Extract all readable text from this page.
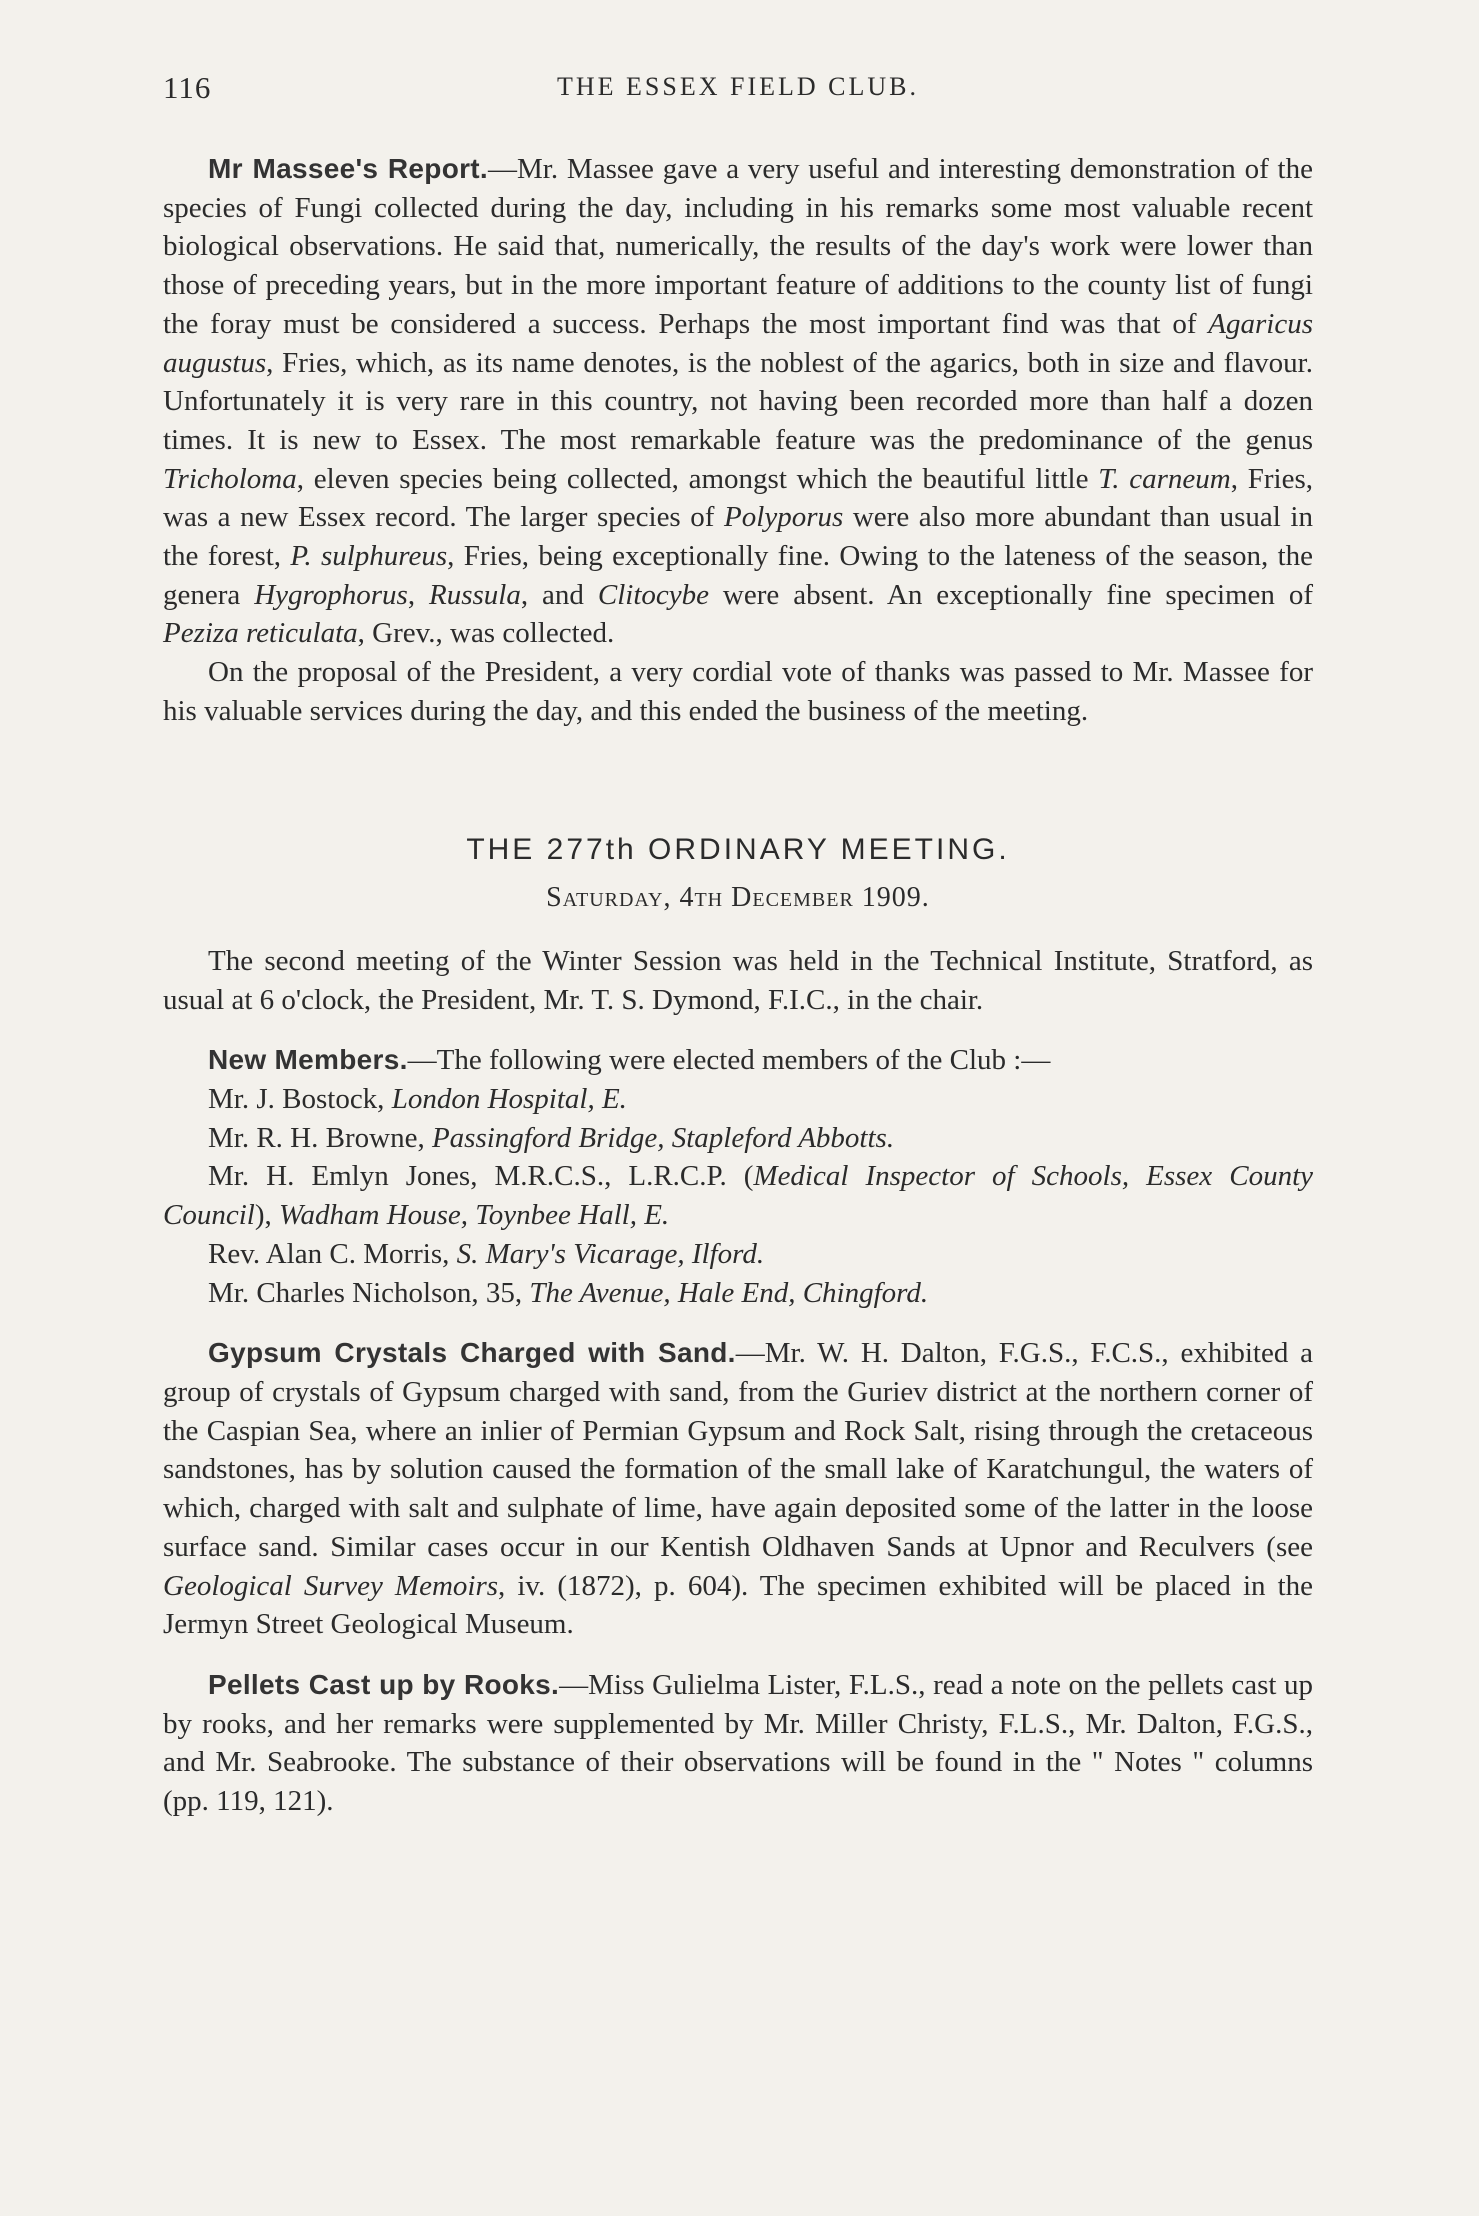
116	THE ESSEX FIELD CLUB.

Mr Massee's Report.—Mr. Massee gave a very useful and interesting demonstration of the species of Fungi collected during the day, including in his remarks some most valuable recent biological observations. He said that, numerically, the results of the day's work were lower than those of preceding years, but in the more important feature of additions to the county list of fungi the foray must be considered a success. Perhaps the most important find was that of Agaricus augustus, Fries, which, as its name denotes, is the noblest of the agarics, both in size and flavour. Unfortunately it is very rare in this country, not having been recorded more than half a dozen times. It is new to Essex. The most remarkable feature was the predominance of the genus Tricholoma, eleven species being collected, amongst which the beautiful little T. carneum, Fries, was a new Essex record. The larger species of Polyporus were also more abundant than usual in the forest, P. sulphureus, Fries, being exceptionally fine. Owing to the lateness of the season, the genera Hygrophorus, Russula, and Clitocybe were absent. An exceptionally fine specimen of Peziza reticulata, Grev., was collected.

On the proposal of the President, a very cordial vote of thanks was passed to Mr. Massee for his valuable services during the day, and this ended the business of the meeting.

THE 277th ORDINARY MEETING.

Saturday, 4th December 1909.

The second meeting of the Winter Session was held in the Technical Institute, Stratford, as usual at 6 o'clock, the President, Mr. T. S. Dymond, F.I.C., in the chair.

New Members.—The following were elected members of the Club :—

Mr. J. Bostock, London Hospital, E.

Mr. R. H. Browne, Passingford Bridge, Stapleford Abbotts.

Mr. H. Emlyn Jones, M.R.C.S., L.R.C.P. (Medical Inspector of Schools, Essex County Council), Wadham House, Toynbee Hall, E.

Rev. Alan C. Morris, S. Mary's Vicarage, Ilford.

Mr. Charles Nicholson, 35, The Avenue, Hale End, Chingford.

Gypsum Crystals Charged with Sand.—Mr. W. H. Dalton, F.G.S., F.C.S., exhibited a group of crystals of Gypsum charged with sand, from the Guriev district at the northern corner of the Caspian Sea, where an inlier of Permian Gypsum and Rock Salt, rising through the cretaceous sandstones, has by solution caused the formation of the small lake of Karatchungul, the waters of which, charged with salt and sulphate of lime, have again deposited some of the latter in the loose surface sand. Similar cases occur in our Kentish Oldhaven Sands at Upnor and Reculvers (see Geological Survey Memoirs, iv. (1872), p. 604). The specimen exhibited will be placed in the Jermyn Street Geological Museum.

Pellets Cast up by Rooks.—Miss Gulielma Lister, F.L.S., read a note on the pellets cast up by rooks, and her remarks were supplemented by Mr. Miller Christy, F.L.S., Mr. Dalton, F.G.S., and Mr. Seabrooke. The substance of their observations will be found in the " Notes " columns (pp. 119, 121).
